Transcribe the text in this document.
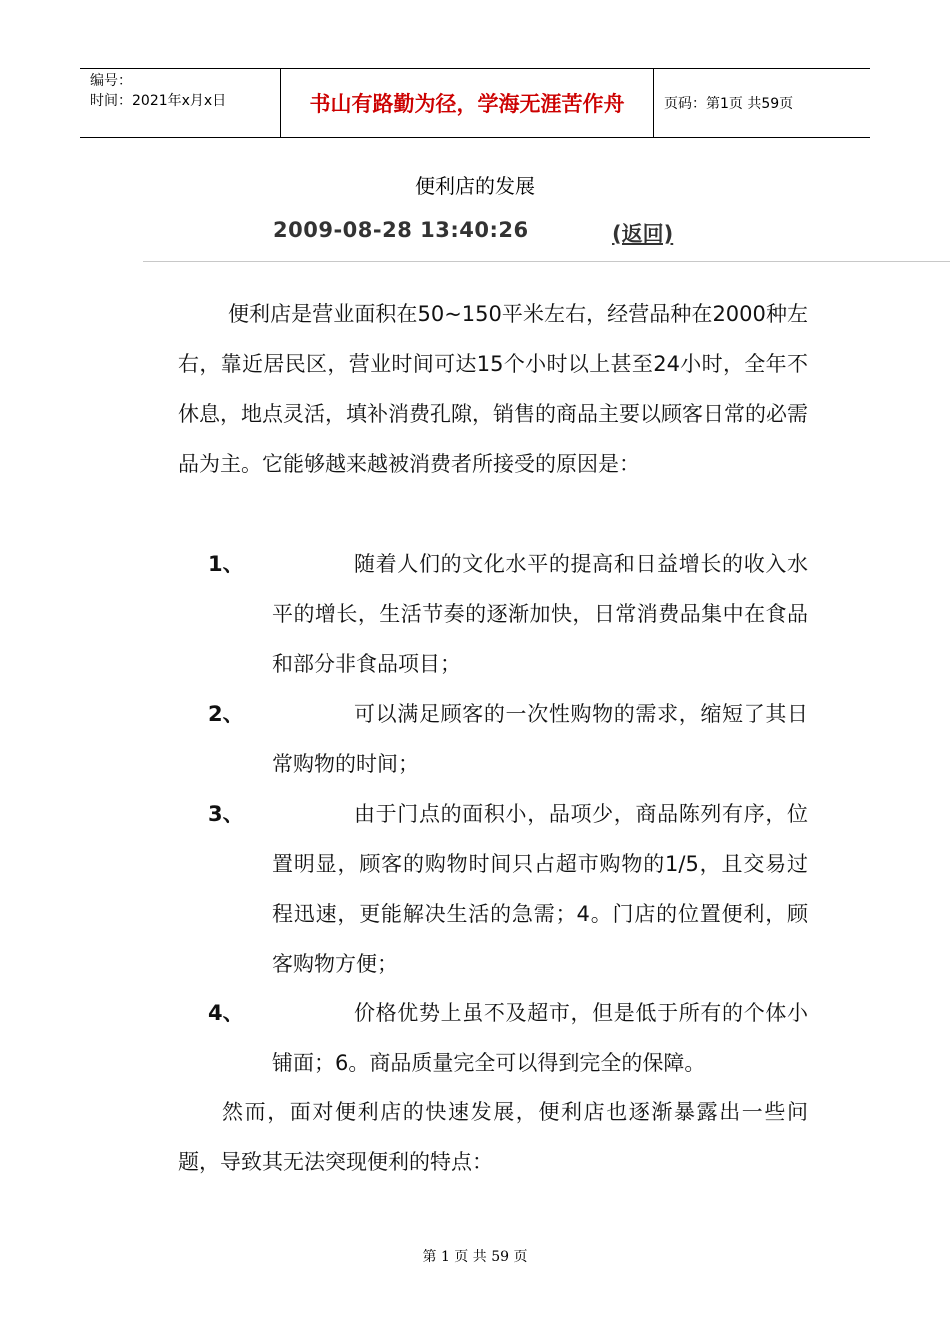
编号：
时间：2021年x月x日	书山有路勤为径，学海无涯苦作舟	页码：第1页 共59页
便利店的发展
2009-08-28 13:40:26	(返回)
便利店是营业面积在50~150平米左右，经营品种在2000种左右，靠近居民区，营业时间可达15个小时以上甚至24小时，全年不休息，地点灵活，填补消费孔隙，销售的商品主要以顾客日常的必需品为主。它能够越来越被消费者所接受的原因是：
1、	随着人们的文化水平的提高和日益增长的收入水平的增长，生活节奏的逐渐加快，日常消费品集中在食品和部分非食品项目；
2、	可以满足顾客的一次性购物的需求，缩短了其日常购物的时间；
3、	由于门点的面积小，品项少，商品陈列有序，位置明显，顾客的购物时间只占超市购物的1/5，且交易过程迅速，更能解决生活的急需；4。门店的位置便利，顾客购物方便；
4、	价格优势上虽不及超市，但是低于所有的个体小铺面；6。商品质量完全可以得到完全的保障。
然而，面对便利店的快速发展，便利店也逐渐暴露出一些问题，导致其无法突现便利的特点：
第 1 页 共 59 页
